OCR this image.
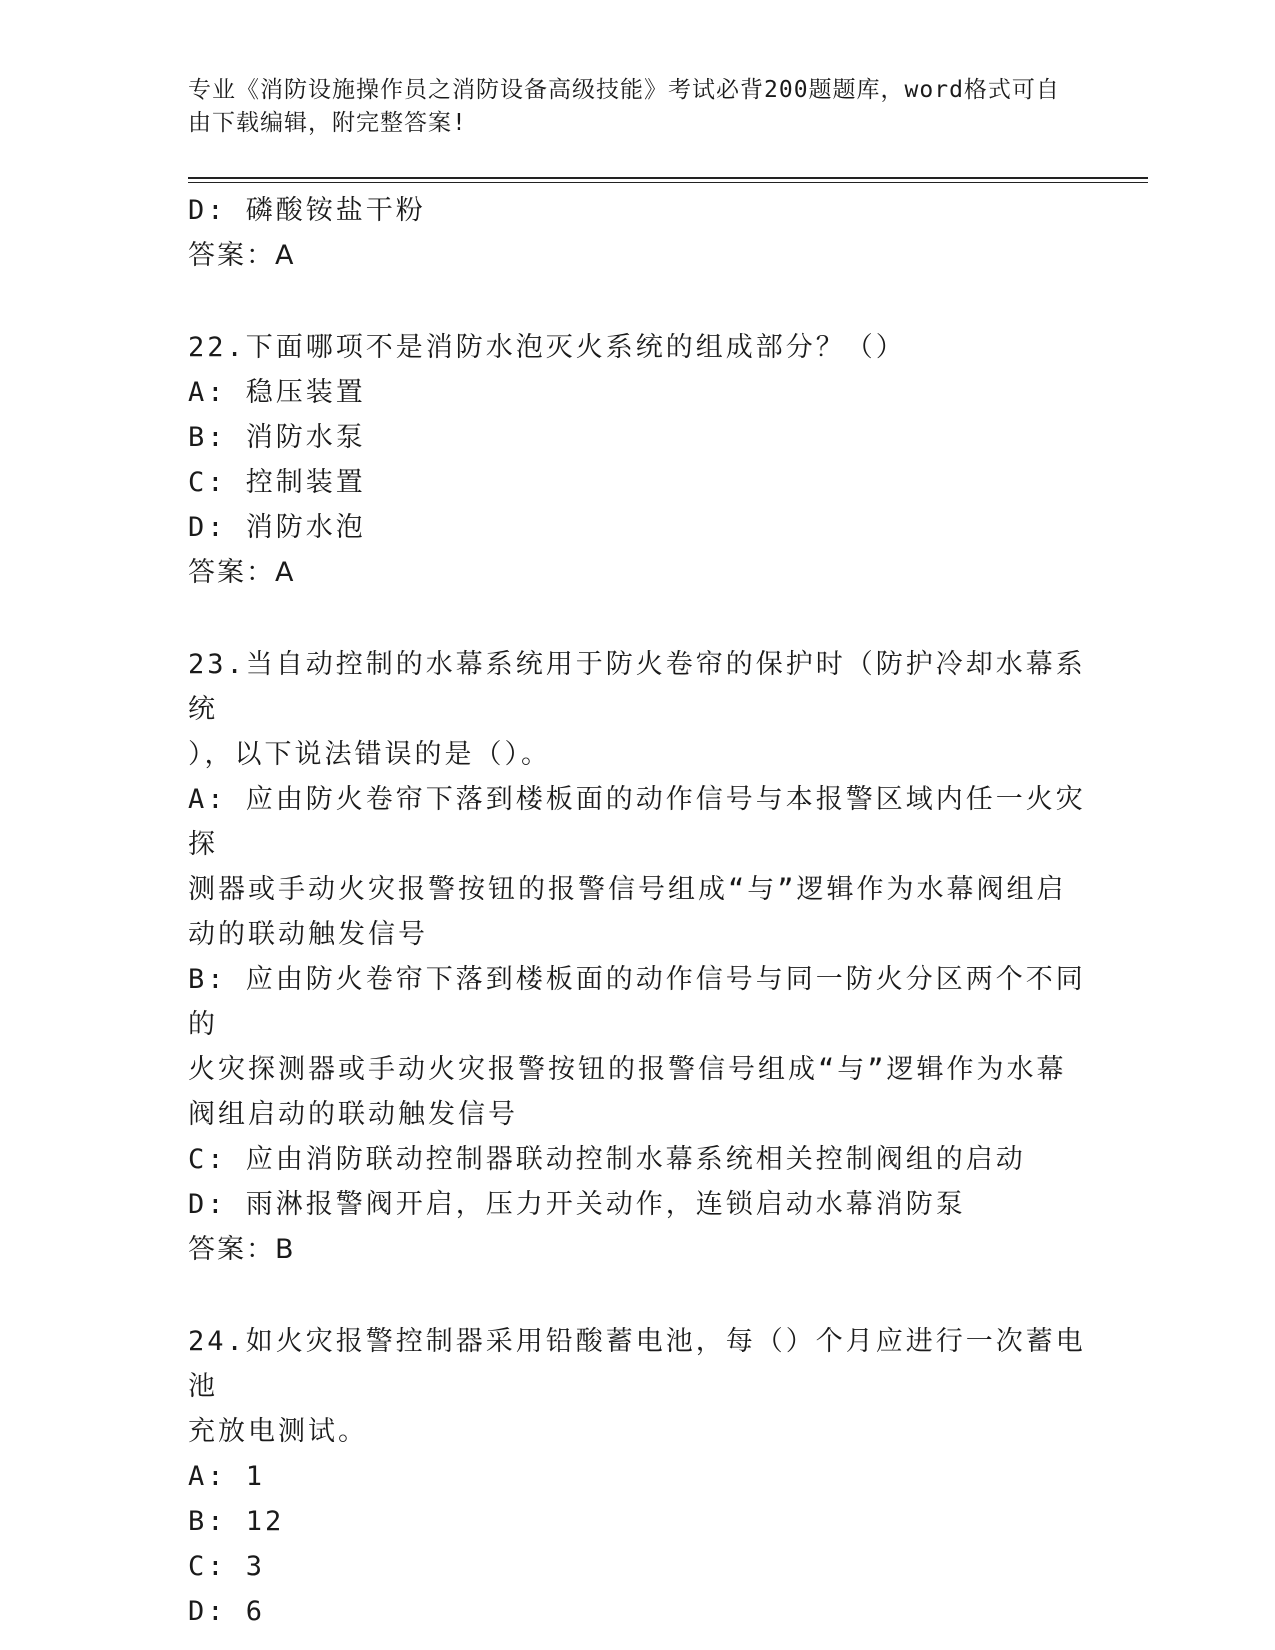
专业《消防设施操作员之消防设备高级技能》考试必背200题题库，word格式可自由下载编辑，附完整答案!
D: 磷酸铵盐干粉
答案：A
22.下面哪项不是消防水泡灭火系统的组成部分？（）
A: 稳压装置
B: 消防水泵
C: 控制装置
D: 消防水泡
答案：A
23.当自动控制的水幕系统用于防火卷帘的保护时（防护冷却水幕系统
），以下说法错误的是（）。
A: 应由防火卷帘下落到楼板面的动作信号与本报警区域内任一火灾探
测器或手动火灾报警按钮的报警信号组成“与”逻辑作为水幕阀组启
动的联动触发信号
B: 应由防火卷帘下落到楼板面的动作信号与同一防火分区两个不同的
火灾探测器或手动火灾报警按钮的报警信号组成“与”逻辑作为水幕
阀组启动的联动触发信号
C: 应由消防联动控制器联动控制水幕系统相关控制阀组的启动
D: 雨淋报警阀开启，压力开关动作，连锁启动水幕消防泵
答案：B
24.如火灾报警控制器采用铅酸蓄电池，每（）个月应进行一次蓄电池
充放电测试。
A: 1
B: 12
C: 3
D: 6
